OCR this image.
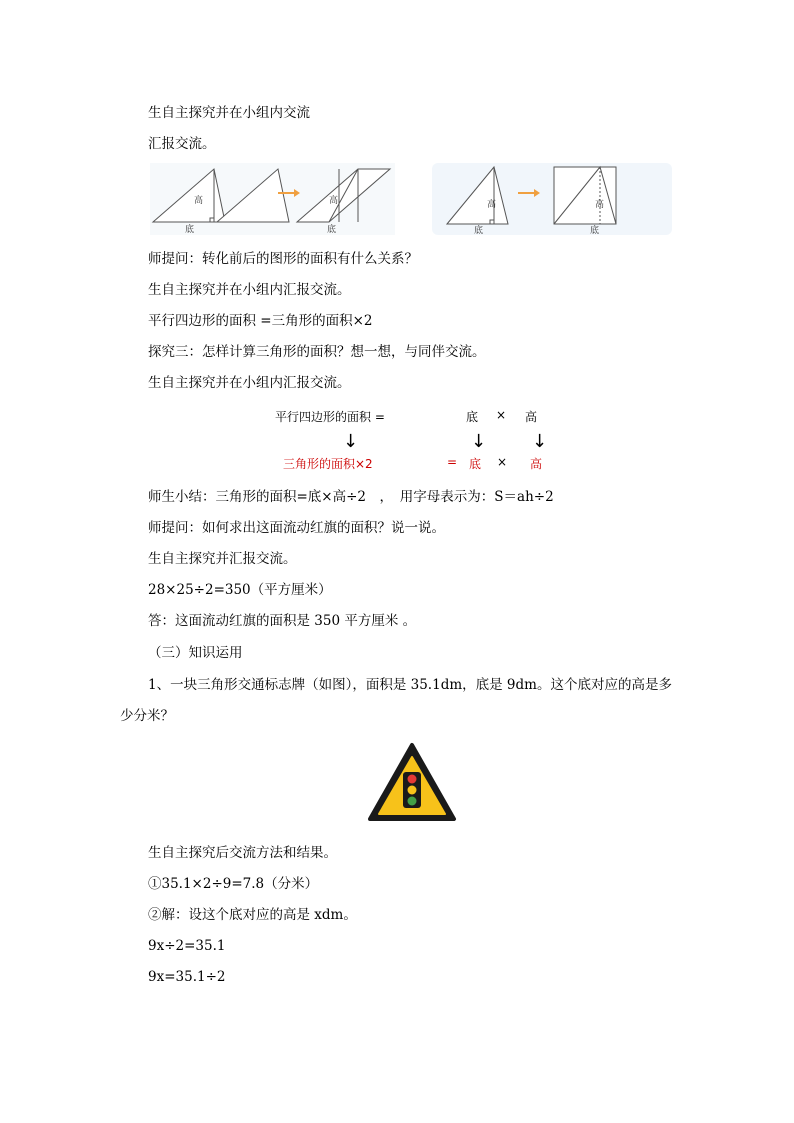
生自主探究并在小组内交流
汇报交流。
高
底
高
底
高
底
高
底
师提问：转化前后的图形的面积有什么关系？
生自主探究并在小组内汇报交流。
平行四边形的面积 =三角形的面积×2
探究三：怎样计算三角形的面积？想一想，与同伴交流。
生自主探究并在小组内汇报交流。
平行四边形的面积 =	底 × 高
↓	↓	↓
三角形的面积×2	= 底 × 高
师生小结：三角形的面积=底×高÷2　，　用字母表示为：S＝ah÷2
师提问：如何求出这面流动红旗的面积？说一说。
生自主探究并汇报交流。
28×25÷2=350（平方厘米）
答：这面流动红旗的面积是 350 平方厘米 。
（三）知识运用
1、一块三角形交通标志牌（如图），面积是 35.1dm，底是 9dm。这个底对应的高是多
少分米？
生自主探究后交流方法和结果。
①35.1×2÷9=7.8（分米）
②解：设这个底对应的高是 xdm。
9x÷2=35.1
9x=35.1÷2
